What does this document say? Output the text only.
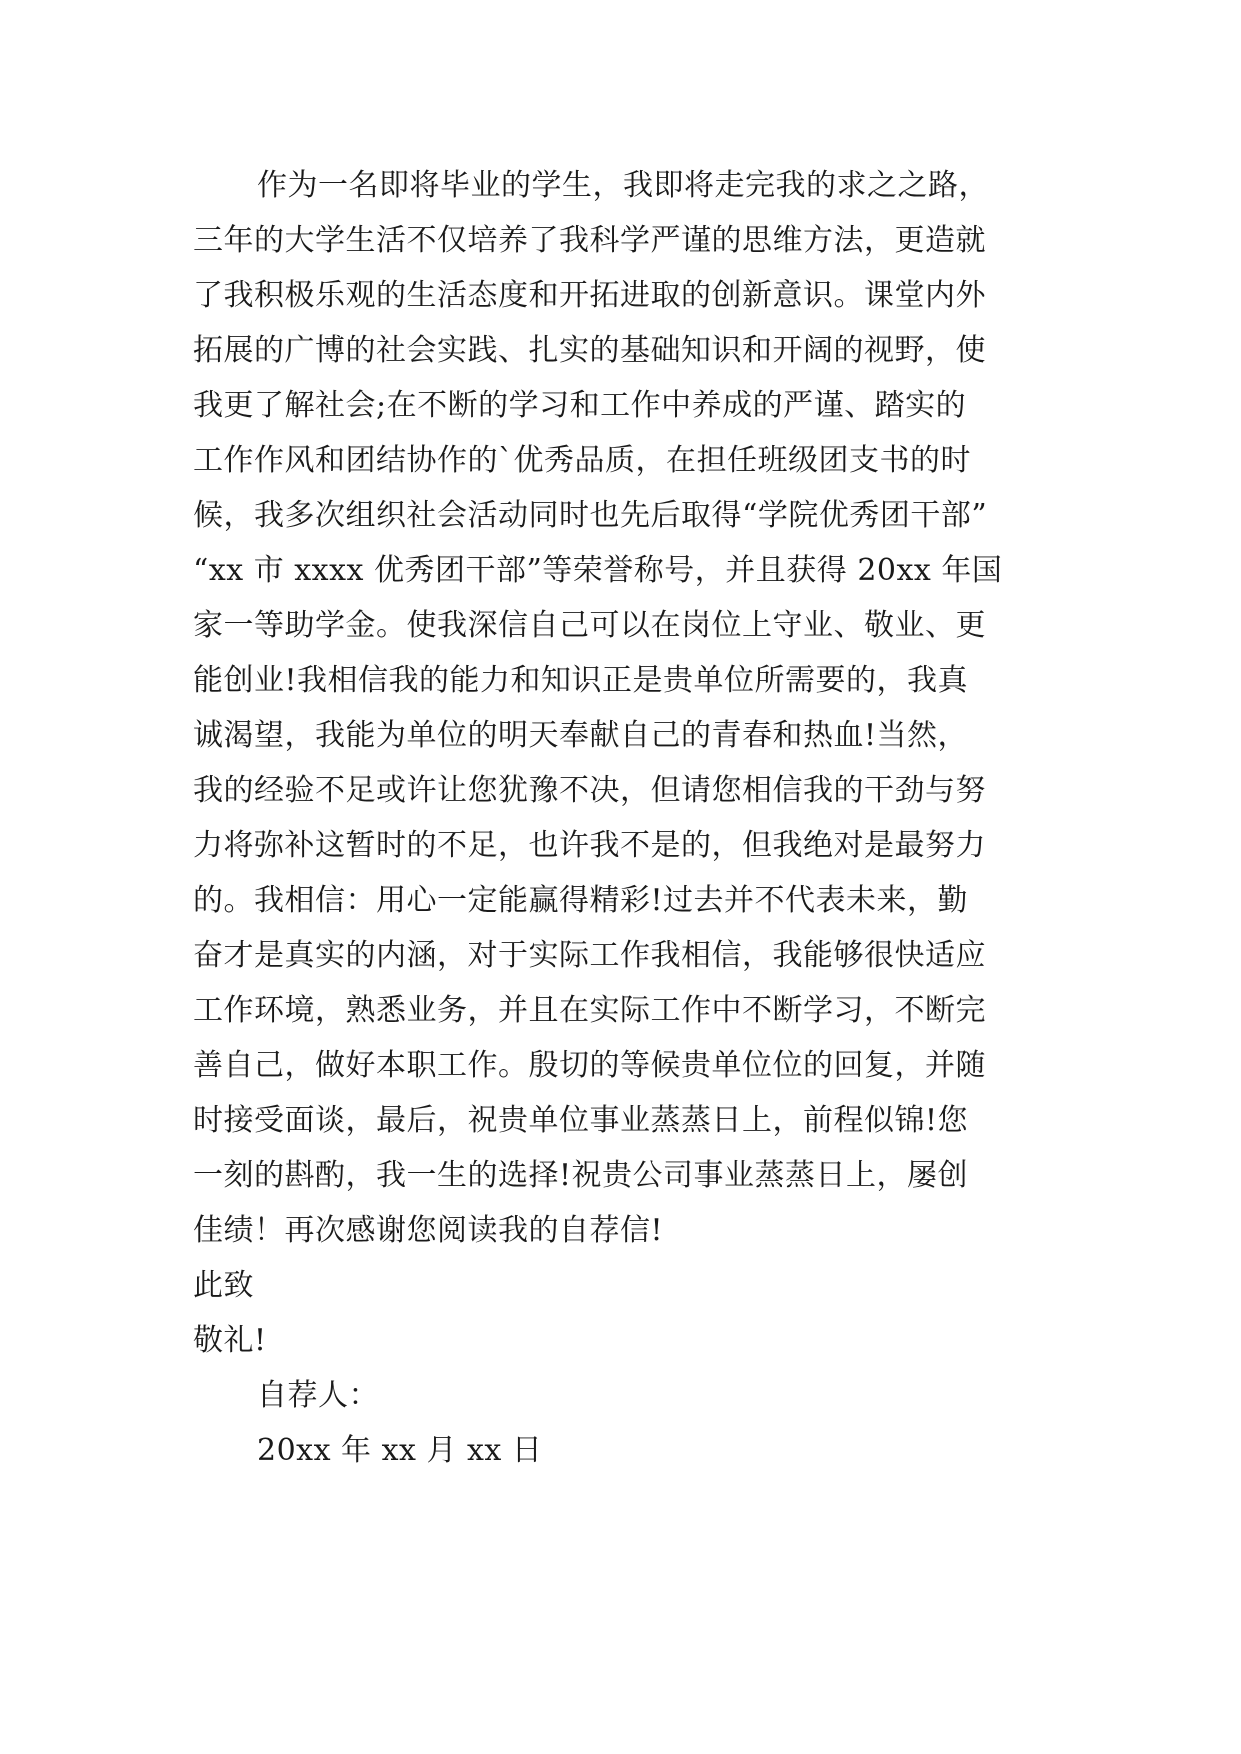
作为一名即将毕业的学生，我即将走完我的求之之路，
三年的大学生活不仅培养了我科学严谨的思维方法，更造就
了我积极乐观的生活态度和开拓进取的创新意识。课堂内外
拓展的广博的社会实践、扎实的基础知识和开阔的视野，使
我更了解社会;在不断的学习和工作中养成的严谨、踏实的
工作作风和团结协作的`优秀品质，在担任班级团支书的时
候，我多次组织社会活动同时也先后取得“学院优秀团干部”
“xx 市 xxxx 优秀团干部”等荣誉称号，并且获得 20xx 年国
家一等助学金。使我深信自己可以在岗位上守业、敬业、更
能创业!我相信我的能力和知识正是贵单位所需要的，我真
诚渴望，我能为单位的明天奉献自己的青春和热血!当然，
我的经验不足或许让您犹豫不决，但请您相信我的干劲与努
力将弥补这暂时的不足，也许我不是的，但我绝对是最努力
的。我相信：用心一定能赢得精彩!过去并不代表未来，勤
奋才是真实的内涵，对于实际工作我相信，我能够很快适应
工作环境，熟悉业务，并且在实际工作中不断学习，不断完
善自己，做好本职工作。殷切的等候贵单位位的回复，并随
时接受面谈，最后，祝贵单位事业蒸蒸日上，前程似锦!您
一刻的斟酌，我一生的选择!祝贵公司事业蒸蒸日上，屡创
佳绩！再次感谢您阅读我的自荐信!
此致
敬礼!
自荐人：
20xx 年 xx 月 xx 日
